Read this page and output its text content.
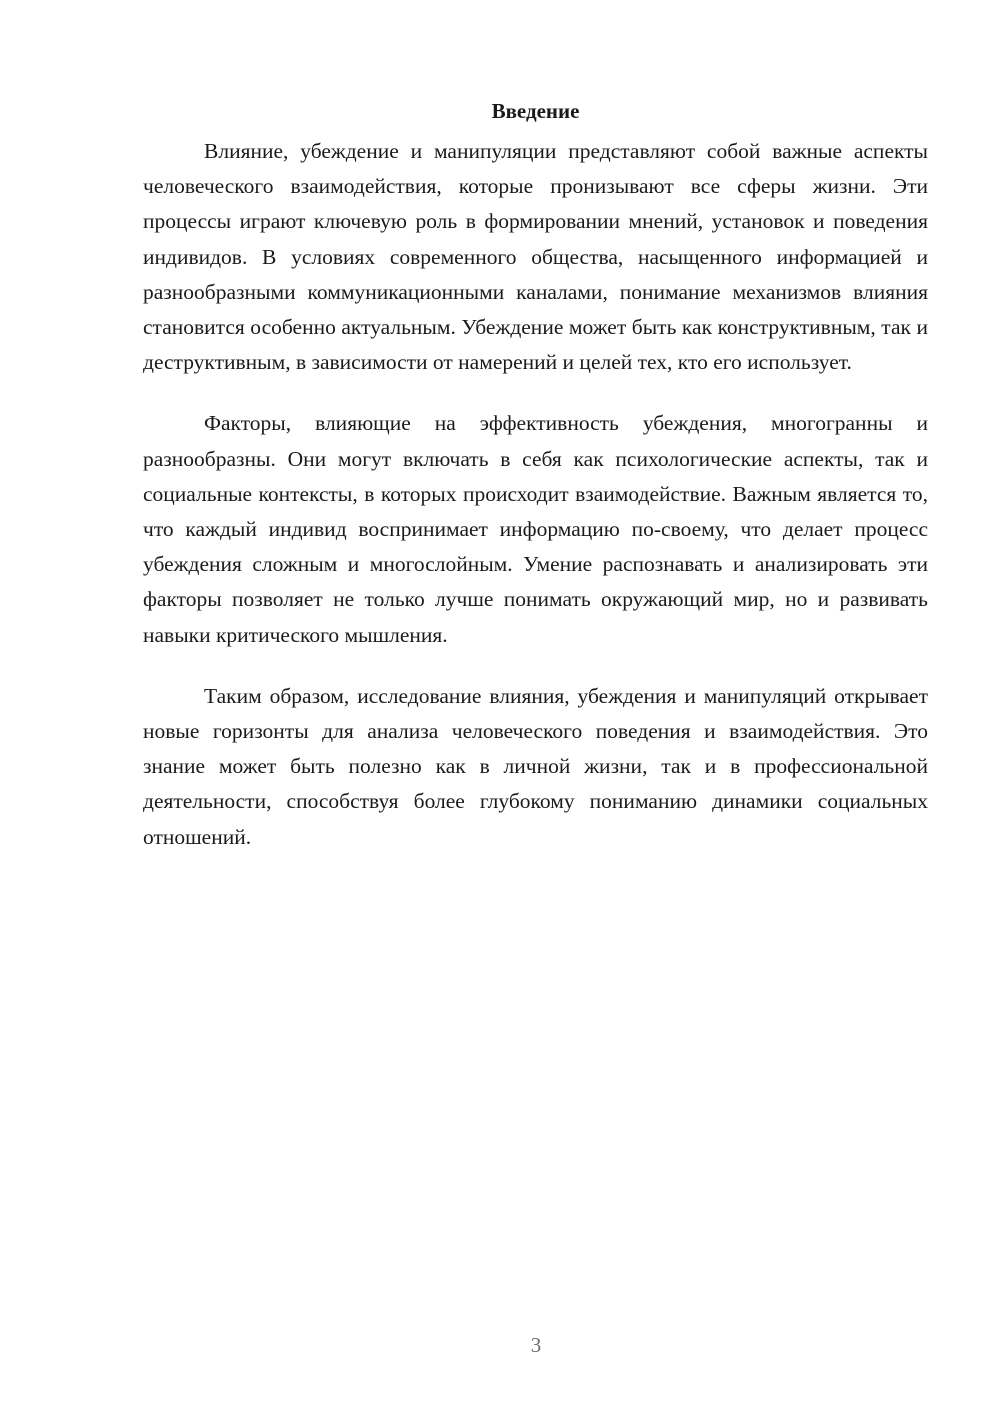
Введение

Влияние, убеждение и манипуляции представляют собой важные аспекты человеческого взаимодействия, которые пронизывают все сферы жизни. Эти процессы играют ключевую роль в формировании мнений, установок и поведения индивидов. В условиях современного общества, насыщенного информацией и разнообразными коммуникационными каналами, понимание механизмов влияния становится особенно актуальным. Убеждение может быть как конструктивным, так и деструктивным, в зависимости от намерений и целей тех, кто его использует.

Факторы, влияющие на эффективность убеждения, многогранны и разнообразны. Они могут включать в себя как психологические аспекты, так и социальные контексты, в которых происходит взаимодействие. Важным является то, что каждый индивид воспринимает информацию по-своему, что делает процесс убеждения сложным и многослойным. Умение распознавать и анализировать эти факторы позволяет не только лучше понимать окружающий мир, но и развивать навыки критического мышления.

Таким образом, исследование влияния, убеждения и манипуляций открывает новые горизонты для анализа человеческого поведения и взаимодействия. Это знание может быть полезно как в личной жизни, так и в профессиональной деятельности, способствуя более глубокому пониманию динамики социальных отношений.

3
